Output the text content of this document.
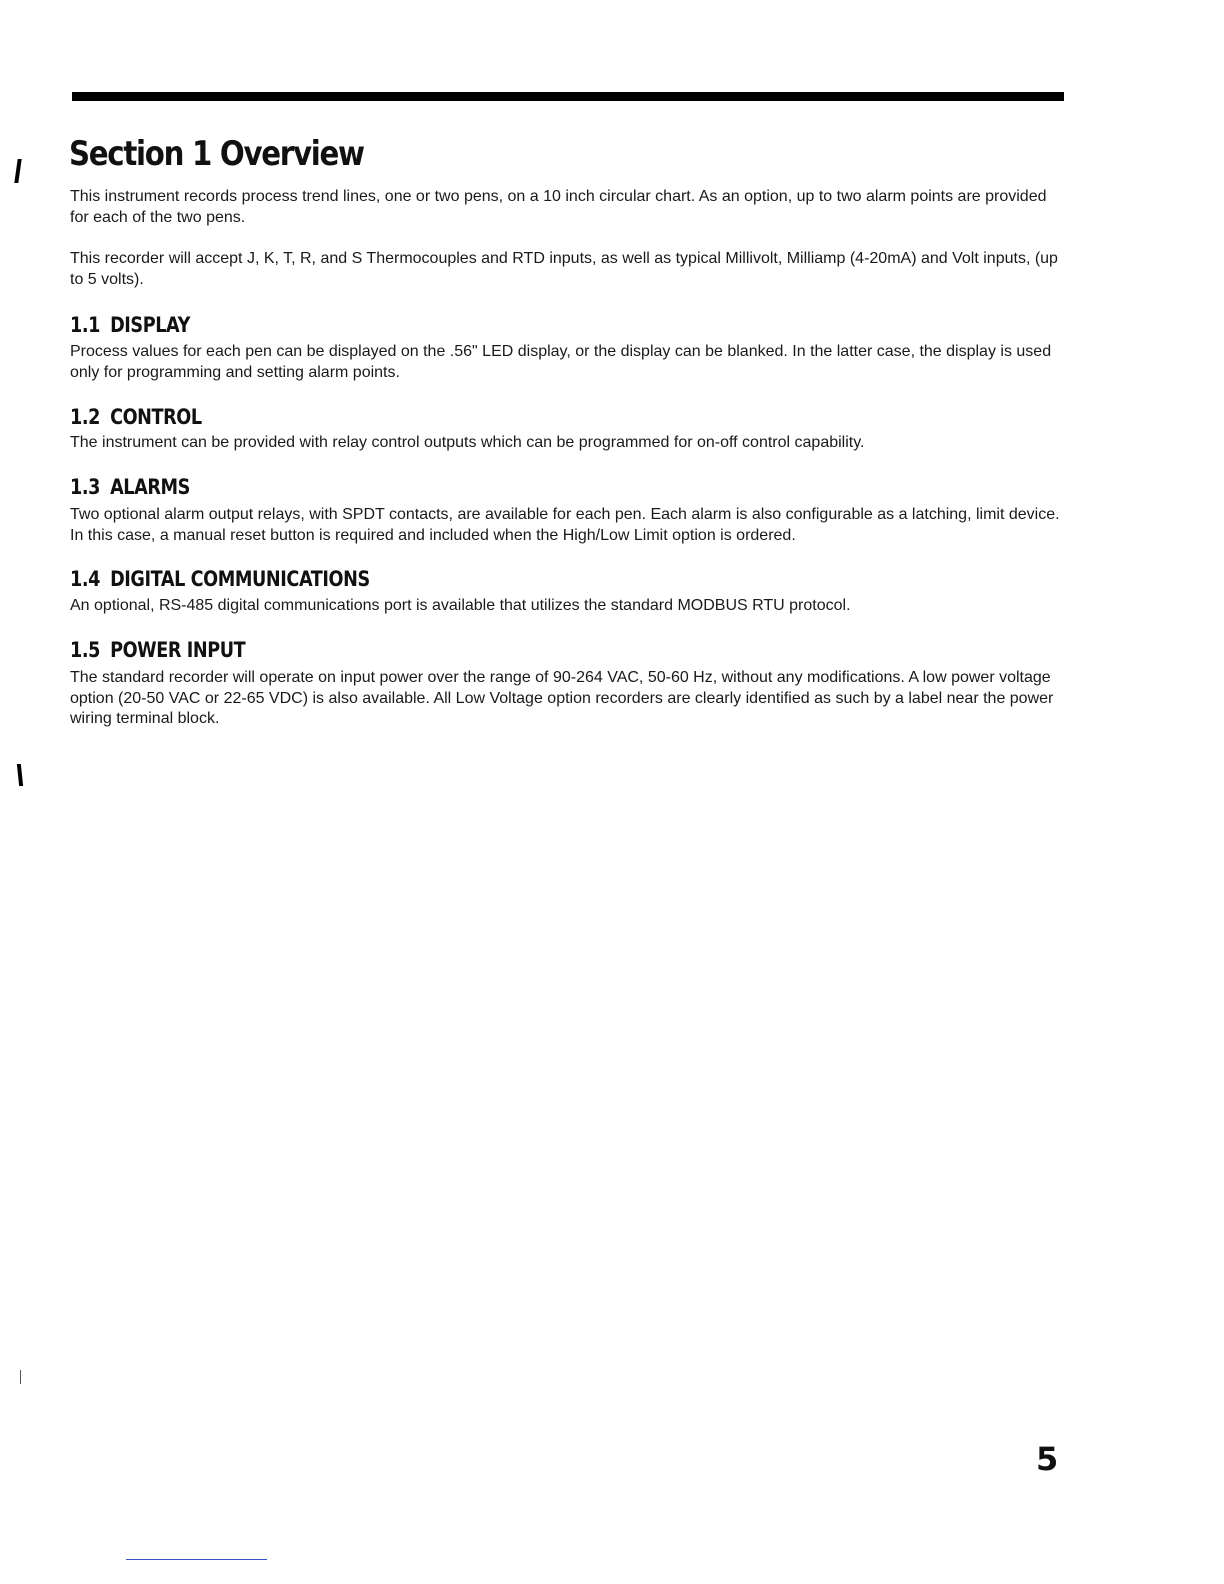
Section 1 Overview

This instrument records process trend lines, one or two pens, on a 10 inch circular chart. As an option, up to two alarm points are provided for each of the two pens.

This recorder will accept J, K, T, R, and S Thermocouples and RTD inputs, as well as typical Millivolt, Milliamp (4-20mA) and Volt inputs, (up to 5 volts).

1.1 DISPLAY

Process values for each pen can be displayed on the .56" LED display, or the display can be blanked. In the latter case, the display is used only for programming and setting alarm points.

1.2 CONTROL

The instrument can be provided with relay control outputs which can be programmed for on-off control capability.

1.3 ALARMS

Two optional alarm output relays, with SPDT contacts, are available for each pen. Each alarm is also configurable as a latching, limit device. In this case, a manual reset button is required and included when the High/Low Limit option is ordered.

1.4 DIGITAL COMMUNICATIONS

An optional, RS-485 digital communications port is available that utilizes the standard MODBUS RTU protocol.

1.5 POWER INPUT

The standard recorder will operate on input power over the range of 90-264 VAC, 50-60 Hz, without any modifications. A low power voltage option (20-50 VAC or 22-65 VDC) is also available. All Low Voltage option recorders are clearly identified as such by a label near the power wiring terminal block.

5
